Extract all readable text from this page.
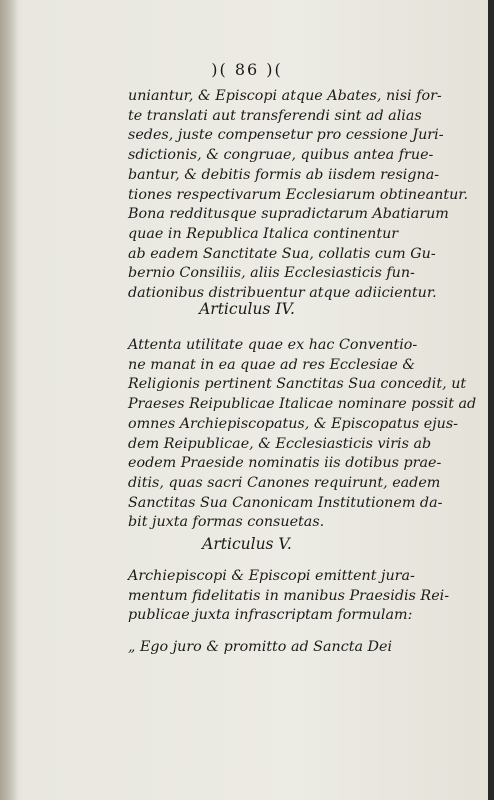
)( 86 )(
uniantur, & Episcopi atque Abates, nisi for-
te translati aut transferendi sint ad alias
sedes, juste compensetur pro cessione Juri-
sdictionis, & congruae, quibus antea frue-
bantur, & debitis formis ab iisdem resigna-
tiones respectivarum Ecclesiarum obtineantur.
Bona redditusque supradictarum Abatiarum
quae in Republica Italica continentur
ab eadem Sanctitate Sua, collatis cum Gu-
bernio Consiliis, aliis Ecclesiasticis fun-
dationibus distribuentur atque adiicientur.
Articulus IV.
Attenta utilitate quae ex hac Conventio-
ne manat in ea quae ad res Ecclesiae &
Religionis pertinent Sanctitas Sua concedit, ut
Praeses Reipublicae Italicae nominare possit ad
omnes Archiepiscopatus, & Episcopatus ejus-
dem Reipublicae, & Ecclesiasticis viris ab
eodem Praeside nominatis iis dotibus prae-
ditis, quas sacri Canones requirunt, eadem
Sanctitas Sua Canonicam Institutionem da-
bit juxta formas consuetas.
Articulus V.
Archiepiscopi & Episcopi emittent jura-
mentum fidelitatis in manibus Praesidis Rei-
publicae juxta infrascriptam formulam:
„ Ego juro & promitto ad Sancta Dei
